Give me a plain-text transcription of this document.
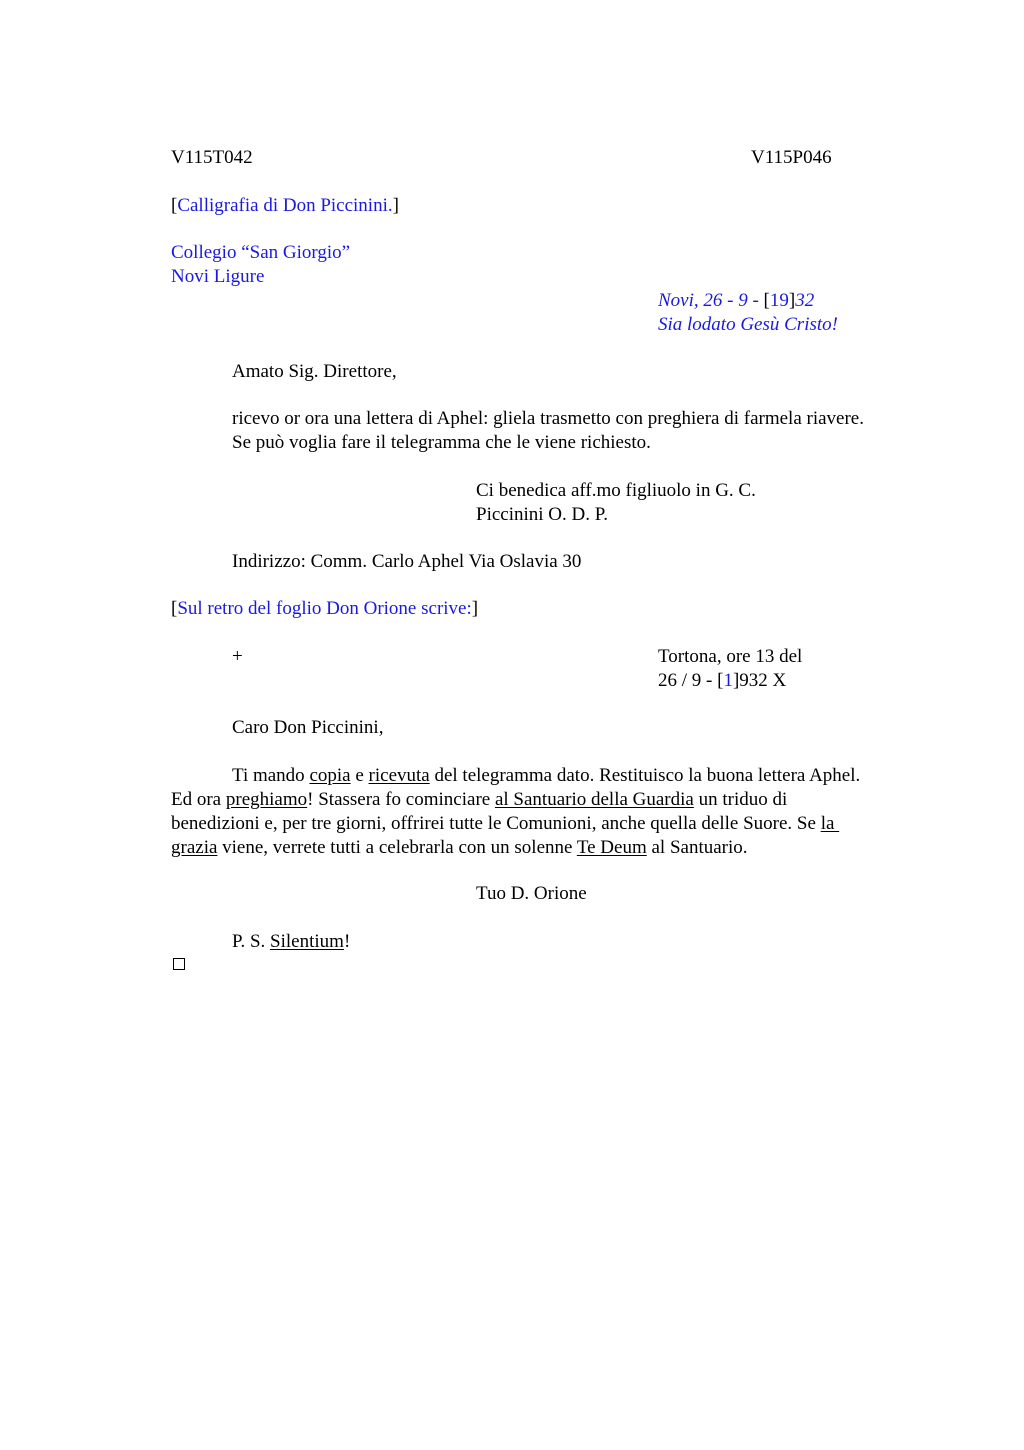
V115T042	V115P046
[Calligrafia di Don Piccinini.]
Collegio “San Giorgio”
Novi Ligure
Novi, 26 - 9 - [19]32
Sia lodato Gesù Cristo!
Amato Sig. Direttore,
ricevo or ora una lettera di Aphel: gliela trasmetto con preghiera di farmela riavere.
Se può voglia fare il telegramma che le viene richiesto.
Ci benedica aff.mo figliuolo in G. C.
Piccinini O. D. P.
Indirizzo: Comm. Carlo Aphel Via Oslavia 30
[Sul retro del foglio Don Orione scrive:]
+	Tortona, ore 13 del
26 / 9 - [1]932 X
Caro Don Piccinini,
Ti mando copia e ricevuta del telegramma dato. Restituisco la buona lettera Aphel.
Ed ora preghiamo! Stassera fo cominciare al Santuario della Guardia un triduo di
benedizioni e, per tre giorni, offrirei tutte le Comunioni, anche quella delle Suore. Se la
grazia viene, verrete tutti a celebrarla con un solenne Te Deum al Santuario.
Tuo D. Orione
P. S. Silentium!
